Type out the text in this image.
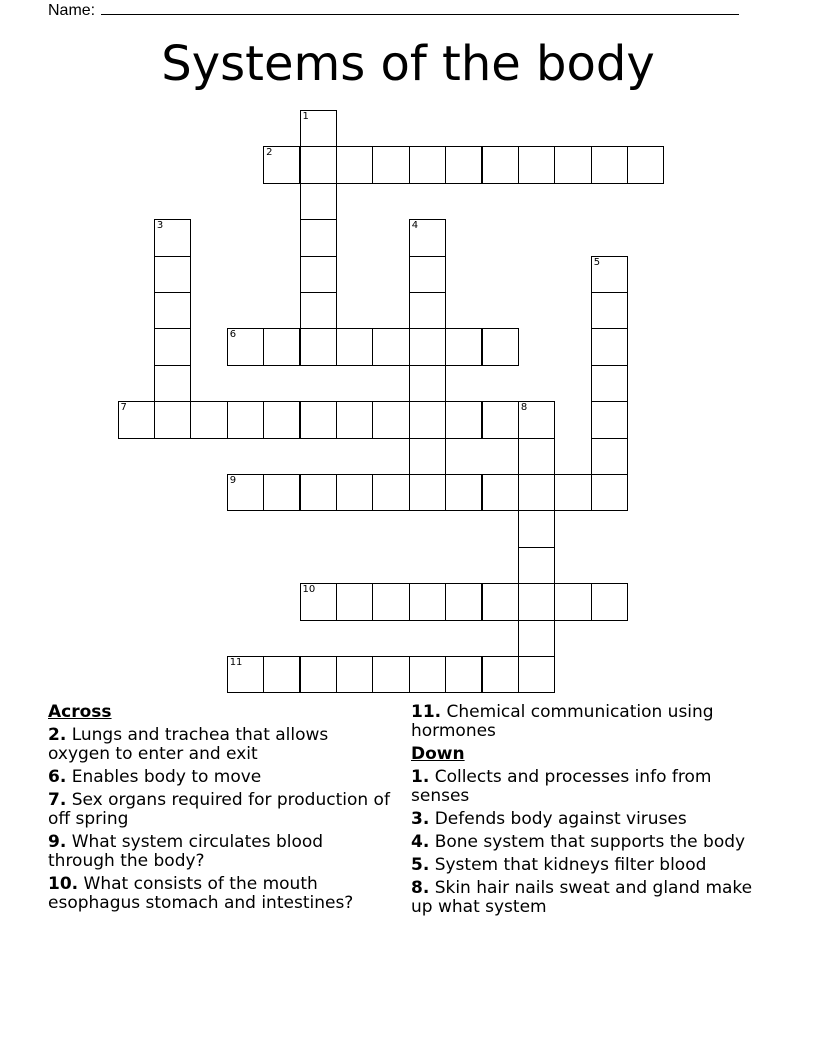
Name:
Systems of the body
1
2
3	4
5
6
7	8
9
10
11
Across
2. Lungs and trachea that allows oxygen to enter and exit
6. Enables body to move
7. Sex organs required for production of off spring
9. What system circulates blood through the body?
10. What consists of the mouth esophagus stomach and intestines?
11. Chemical communication using hormones
Down
1. Collects and processes info from senses
3. Defends body against viruses
4. Bone system that supports the body
5. System that kidneys filter blood
8. Skin hair nails sweat and gland make up what system
